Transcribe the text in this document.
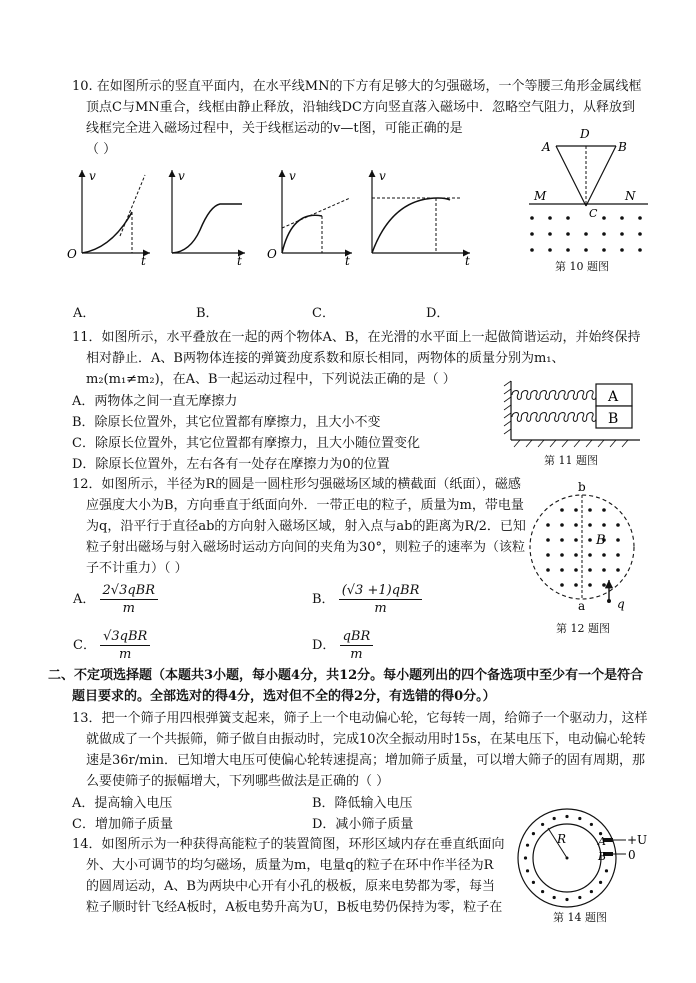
10. 在如图所示的竖直平面内，在水平线MN的下方有足够大的匀强磁场，一个等腰三角形金属线框顶点C与MN重合，线框由静止释放，沿轴线DC方向竖直落入磁场中．忽略空气阻力，从释放到线框完全进入磁场过程中，关于线框运动的v—t图，可能正确的是
（ ）
v
t
O
v
t
v
t
O
v
t
D
A	B
M	N
C
A
B
b
a
B
q
R	A
B
+U
0
A．	B．	C．	D．
第 10 题图
11．如图所示，水平叠放在一起的两个物体A、B，在光滑的水平面上一起做简谐运动，并始终保持相对静止．A、B两物体连接的弹簧劲度系数和原长相同，两物体的质量分别为m₁、m₂(m₁≠m₂)，在A、B一起运动过程中，下列说法正确的是（ ）
A．两物体之间一直无摩擦力
B．除原长位置外，其它位置都有摩擦力，且大小不变
C．除原长位置外，其它位置都有摩擦力，且大小随位置变化
D．除原长位置外，左右各有一处存在摩擦力为0的位置	第 11 题图
12．如图所示，半径为R的圆是一圆柱形匀强磁场区域的横截面（纸面），磁感应强度大小为B，方向垂直于纸面向外．一带正电的粒子，质量为m，带电量为q，沿平行于直径ab的方向射入磁场区域，射入点与ab的距离为R/2．已知粒子射出磁场与射入磁场时运动方向间的夹角为30°，则粒子的速率为（该粒子不计重力）（ ）
A． $\frac{\text{2√3qBR}}{m}$	B． $\frac{\text{(√3 +1)qBR}}{m}$
C． $\frac{\text{√3qBR}}{m}$	D． $\frac{\text{qBR}}{m}$	第 12 题图
二、不定项选择题（本题共3小题，每小题4分，共12分。每小题列出的四个备选项中至少有一个是符合题目要求的。全部选对的得4分，选对但不全的得2分，有选错的得0分。）
13．把一个筛子用四根弹簧支起来，筛子上一个电动偏心轮，它每转一周，给筛子一个驱动力，这样就做成了一个共振筛，筛子做自由振动时，完成10次全振动用时15s，在某电压下，电动偏心轮转速是36r/min．已知增大电压可使偏心轮转速提高；增加筛子质量，可以增大筛子的固有周期，那么要使筛子的振幅增大，下列哪些做法是正确的（ ）
A．提高输入电压	B．降低输入电压
C．增加筛子质量	D．减小筛子质量
14．如图所示为一种获得高能粒子的装置简图，环形区域内存在垂直纸面向外、大小可调节的均匀磁场，质量为m，电量q的粒子在环中作半径为R的圆周运动，A、B为两块中心开有小孔的极板，原来电势都为零，每当粒子顺时针飞经A板时，A板电势升高为U，B板电势仍保持为零，粒子在
第 14 题图
